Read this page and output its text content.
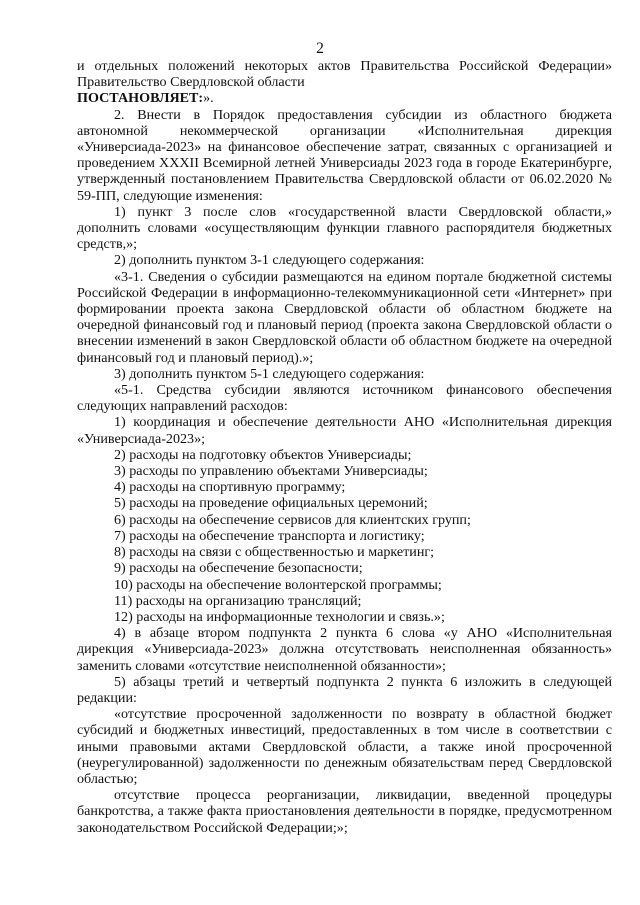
2

и отдельных положений некоторых актов Правительства Российской Федерации»

Правительство Свердловской области

ПОСТАНОВЛЯЕТ:».

2. Внести в Порядок предоставления субсидии из областного бюджета автономной некоммерческой организации «Исполнительная дирекция «Универсиада-2023» на финансовое обеспечение затрат, связанных с организацией и проведением XXXII Всемирной летней Универсиады 2023 года в городе Екатеринбурге, утвержденный постановлением Правительства Свердловской области от 06.02.2020 № 59-ПП, следующие изменения:

1) пункт 3 после слов «государственной власти Свердловской области,» дополнить словами «осуществляющим функции главного распорядителя бюджетных средств,»;

2) дополнить пунктом 3-1 следующего содержания:

«3-1. Сведения о субсидии размещаются на едином портале бюджетной системы Российской Федерации в информационно-телекоммуникационной сети «Интернет» при формировании проекта закона Свердловской области об областном бюджете на очередной финансовый год и плановый период (проекта закона Свердловской области о внесении изменений в закон Свердловской области об областном бюджете на очередной финансовый год и плановый период).»;

3) дополнить пунктом 5-1 следующего содержания:

«5-1. Средства субсидии являются источником финансового обеспечения следующих направлений расходов:

1) координация и обеспечение деятельности АНО «Исполнительная дирекция «Универсиада-2023»;

2) расходы на подготовку объектов Универсиады;

3) расходы по управлению объектами Универсиады;

4) расходы на спортивную программу;

5) расходы на проведение официальных церемоний;

6) расходы на обеспечение сервисов для клиентских групп;

7) расходы на обеспечение транспорта и логистику;

8) расходы на связи с общественностью и маркетинг;

9) расходы на обеспечение безопасности;

10) расходы на обеспечение волонтерской программы;

11) расходы на организацию трансляций;

12) расходы на информационные технологии и связь.»;

4) в абзаце втором подпункта 2 пункта 6 слова «у АНО «Исполнительная дирекция «Универсиада-2023» должна отсутствовать неисполненная обязанность» заменить словами «отсутствие неисполненной обязанности»;

5) абзацы третий и четвертый подпункта 2 пункта 6 изложить в следующей редакции:

«отсутствие просроченной задолженности по возврату в областной бюджет субсидий и бюджетных инвестиций, предоставленных в том числе в соответствии с иными правовыми актами Свердловской области, а также иной просроченной (неурегулированной) задолженности по денежным обязательствам перед Свердловской областью;

отсутствие процесса реорганизации, ликвидации, введенной процедуры банкротства, а также факта приостановления деятельности в порядке, предусмотренном законодательством Российской Федерации;»;
